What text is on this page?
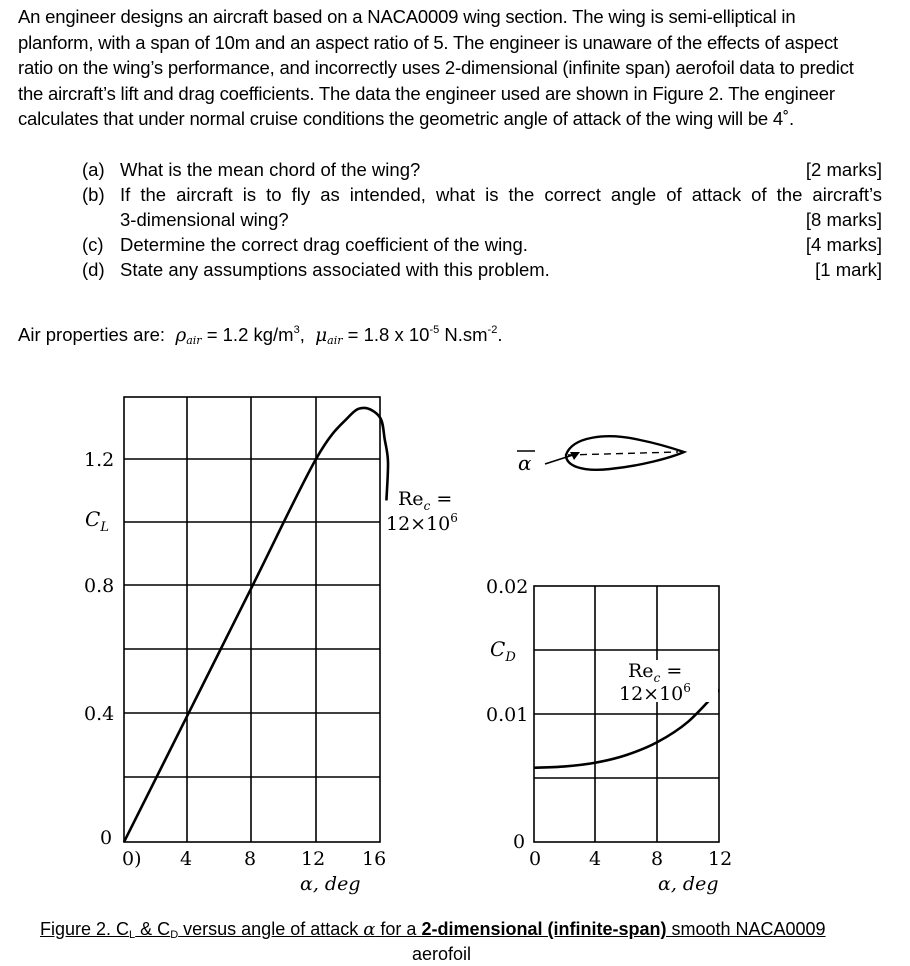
An engineer designs an aircraft based on a NACA0009 wing section. The wing is semi-elliptical in
planform, with a span of 10m and an aspect ratio of 5. The engineer is unaware of the effects of aspect
ratio on the wing’s performance, and incorrectly uses 2-dimensional (infinite span) aerofoil data to predict
the aircraft’s lift and drag coefficients. The data the engineer used are shown in Figure 2. The engineer
calculates that under normal cruise conditions the geometric angle of attack of the wing will be 4˚.
(a) What is the mean chord of the wing?	[2 marks]
(b) If the aircraft is to fly as intended, what is the correct angle of attack of the aircraft’s
3-dimensional wing?	[8 marks]
(c) Determine the correct drag coefficient of the wing.	[4 marks]
(d) State any assumptions associated with this problem.	[1 mark]
Air properties are: $\rho_{air} = 1.2$ $kg/m^3$,  $\mu_{air} = 1.8$ x $10^{-5}$ $N.sm^{-2}$.
1.2
0.8
0.4
0
0) 4	8 12 16
α, deg
$C_L$
$Re_c$ =
$12\times 10^6$
α
0.02
0.01
0
0	4	8 12
α, deg
$C_D$
$Re_c$ =
$12\times 10^6$
Figure 2. $C_L$ & $C_D$ versus angle of attack α for a 2-dimensional (infinite-span) smooth NACA0009
aerofoil
